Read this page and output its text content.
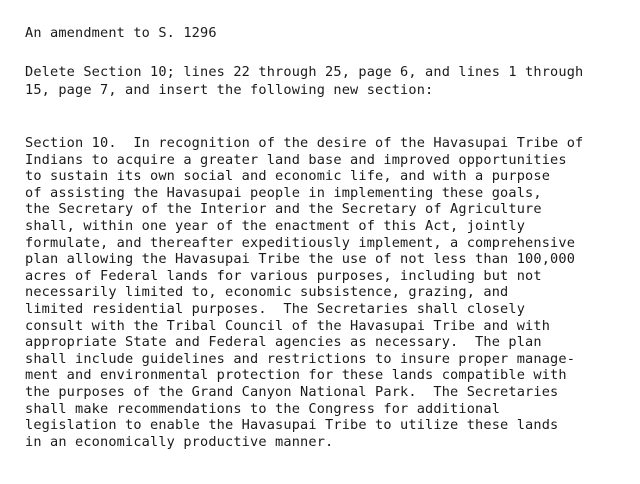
An amendment to S. 1296
Delete Section 10; lines 22 through 25, page 6, and lines 1 through
15, page 7, and insert the following new section:
Section 10.  In recognition of the desire of the Havasupai Tribe of
Indians to acquire a greater land base and improved opportunities
to sustain its own social and economic life, and with a purpose
of assisting the Havasupai people in implementing these goals,
the Secretary of the Interior and the Secretary of Agriculture
shall, within one year of the enactment of this Act, jointly
formulate, and thereafter expeditiously implement, a comprehensive
plan allowing the Havasupai Tribe the use of not less than 100,000
acres of Federal lands for various purposes, including but not
necessarily limited to, economic subsistence, grazing, and
limited residential purposes.  The Secretaries shall closely
consult with the Tribal Council of the Havasupai Tribe and with
appropriate State and Federal agencies as necessary.  The plan
shall include guidelines and restrictions to insure proper manage-
ment and environmental protection for these lands compatible with
the purposes of the Grand Canyon National Park.  The Secretaries
shall make recommendations to the Congress for additional
legislation to enable the Havasupai Tribe to utilize these lands
in an economically productive manner.
